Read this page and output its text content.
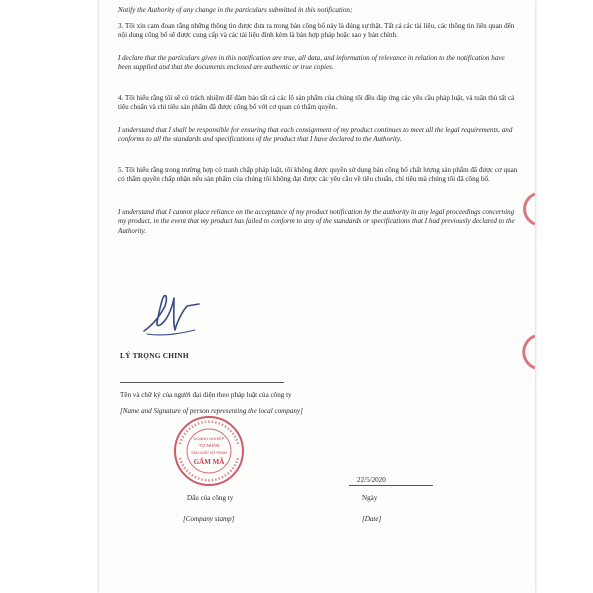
Notify the Authority of any change in the particulars submitted in this notification;

3. Tôi xin cam đoan rằng những thông tin được đưa ra trong bản công bố này là đúng sự thật. Tất cả các tài liệu, các thông tin liên quan đến nội dung công bố sẽ được cung cấp và các tài liệu đính kèm là bản hợp pháp hoặc sao y bản chính.

I declare that the particulars given in this notification are true, all data, and information of relevance in relation to the notification have been supplied and that the documents enclosed are authentic or true copies.

4. Tôi hiểu rằng tôi sẽ có trách nhiệm để đảm bảo tất cả các lô sản phẩm của chúng tôi đều đáp ứng các yêu cầu pháp luật, và tuân thủ tất cả tiêu chuẩn và chỉ tiêu sản phẩm đã được công bố với cơ quan có thẩm quyền.

I understand that I shall be responsible for ensuring that each consignment of my product continues to meet all the legal requirements, and conforms to all the standards and specifications of the product that I have declared to the Authority.

5. Tôi hiểu rằng trong trường hợp có tranh chấp pháp luật, tôi không được quyền sử dụng bản công bố chất lượng sản phẩm đã được cơ quan có thẩm quyền chấp nhận nếu sản phẩm của chúng tôi không đạt được các yêu cầu về tiêu chuẩn, chỉ tiêu mà chúng tôi đã công bố.

I understand that I cannot place reliance on the acceptance of my product notification by the authority in any legal proceedings concerning my product, in the event that my product has failed to conform to any of the standards or specifications that I had previously declared to the Authority.

LÝ TRỌNG CHINH
Tên và chữ ký của người đại diện theo pháp luật của công ty
[Name and Signature of person representing the local company]
DOANH NGHIỆP
TƯ NHÂN
SẢN XUẤT MỸ PHẨM
GẤM MÃ
22/5/2020
Dấu của công ty	Ngày
[Company stamp]	[Date]
